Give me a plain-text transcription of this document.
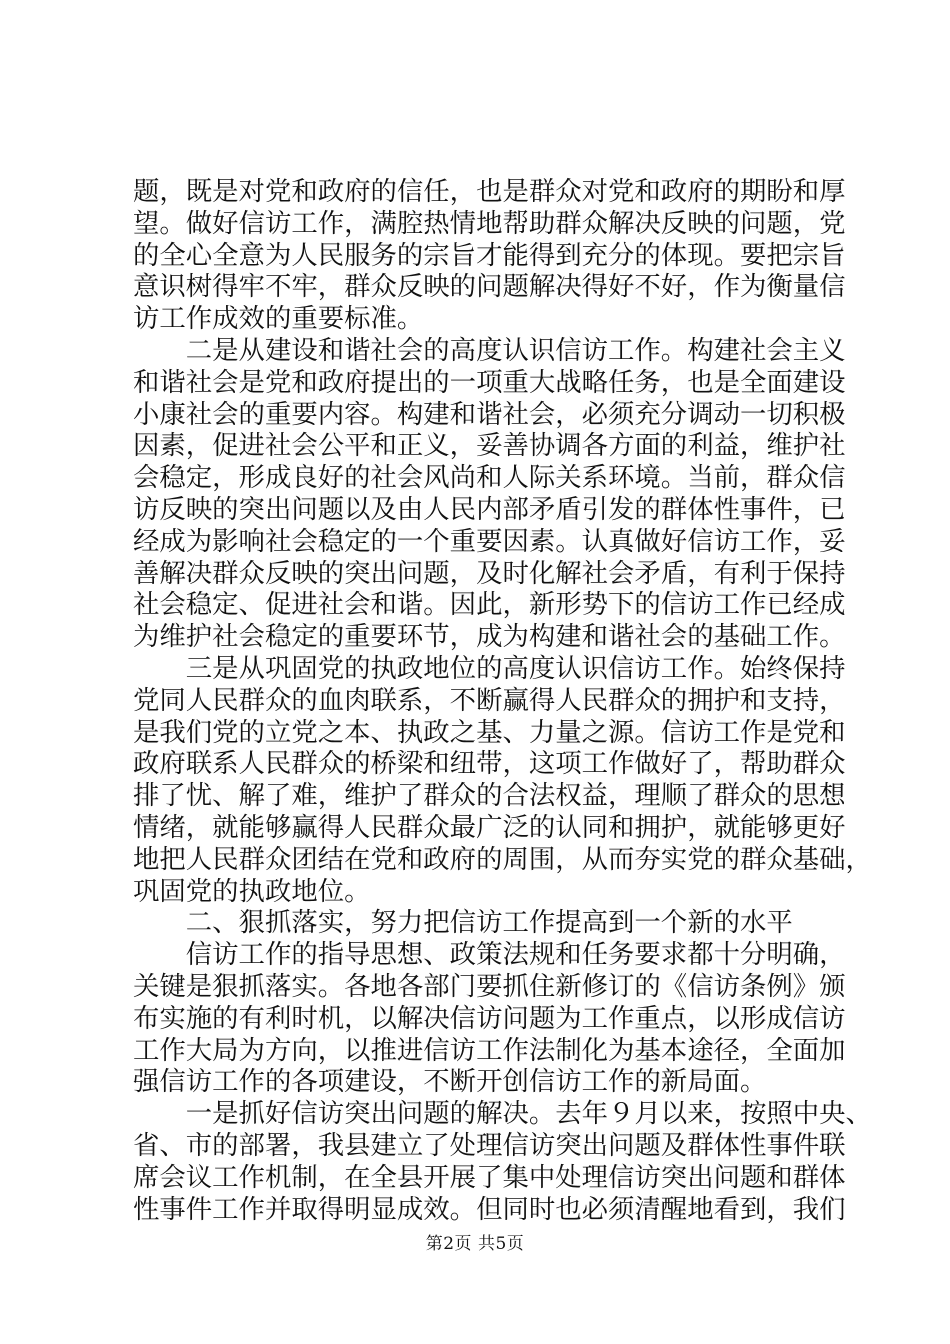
题，既是对党和政府的信任，也是群众对党和政府的期盼和厚
望。做好信访工作，满腔热情地帮助群众解决反映的问题，党
的全心全意为人民服务的宗旨才能得到充分的体现。要把宗旨
意识树得牢不牢，群众反映的问题解决得好不好，作为衡量信
访工作成效的重要标准。
　　二是从建设和谐社会的高度认识信访工作。构建社会主义
和谐社会是党和政府提出的一项重大战略任务，也是全面建设
小康社会的重要内容。构建和谐社会，必须充分调动一切积极
因素，促进社会公平和正义，妥善协调各方面的利益，维护社
会稳定，形成良好的社会风尚和人际关系环境。当前，群众信
访反映的突出问题以及由人民内部矛盾引发的群体性事件，已
经成为影响社会稳定的一个重要因素。认真做好信访工作，妥
善解决群众反映的突出问题，及时化解社会矛盾，有利于保持
社会稳定、促进社会和谐。因此，新形势下的信访工作已经成
为维护社会稳定的重要环节，成为构建和谐社会的基础工作。
　　三是从巩固党的执政地位的高度认识信访工作。始终保持
党同人民群众的血肉联系，不断赢得人民群众的拥护和支持，
是我们党的立党之本、执政之基、力量之源。信访工作是党和
政府联系人民群众的桥梁和纽带，这项工作做好了，帮助群众
排了忧、解了难，维护了群众的合法权益，理顺了群众的思想
情绪，就能够赢得人民群众最广泛的认同和拥护，就能够更好
地把人民群众团结在党和政府的周围，从而夯实党的群众基础，
巩固党的执政地位。
　　二、狠抓落实，努力把信访工作提高到一个新的水平
　　信访工作的指导思想、政策法规和任务要求都十分明确，
关键是狠抓落实。各地各部门要抓住新修订的《信访条例》颁
布实施的有利时机，以解决信访问题为工作重点，以形成信访
工作大局为方向，以推进信访工作法制化为基本途径，全面加
强信访工作的各项建设，不断开创信访工作的新局面。
　　一是抓好信访突出问题的解决。去年９月以来，按照中央、
省、市的部署，我县建立了处理信访突出问题及群体性事件联
席会议工作机制，在全县开展了集中处理信访突出问题和群体
性事件工作并取得明显成效。但同时也必须清醒地看到，我们
第2页 共5页
